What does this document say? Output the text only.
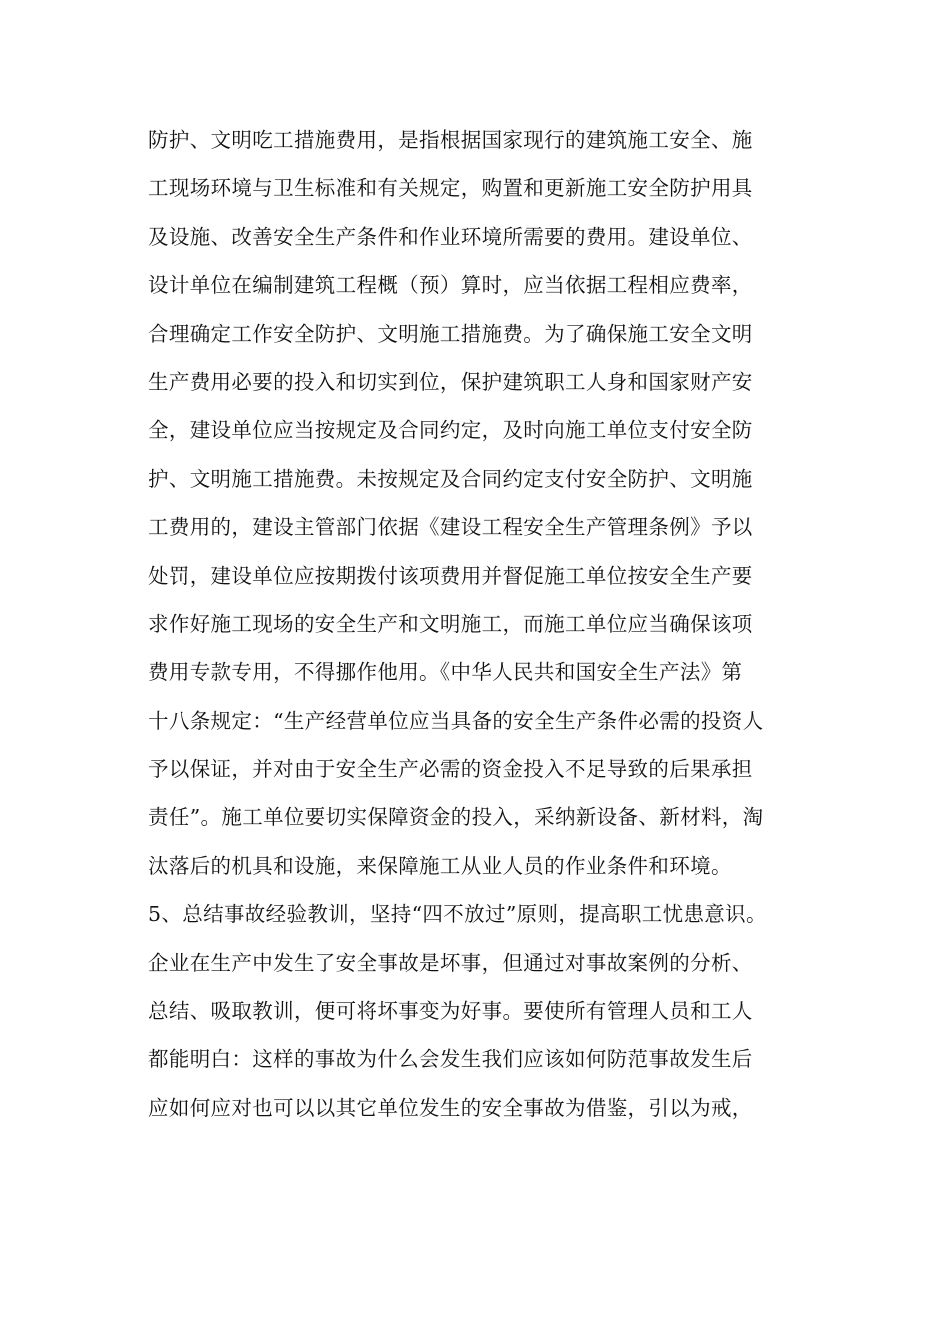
防护、文明吃工措施费用，是指根据国家现行的建筑施工安全、施
工现场环境与卫生标准和有关规定，购置和更新施工安全防护用具
及设施、改善安全生产条件和作业环境所需要的费用。建设单位、
设计单位在编制建筑工程概（预）算时，应当依据工程相应费率，
合理确定工作安全防护、文明施工措施费。为了确保施工安全文明
生产费用必要的投入和切实到位，保护建筑职工人身和国家财产安
全，建设单位应当按规定及合同约定，及时向施工单位支付安全防
护、文明施工措施费。未按规定及合同约定支付安全防护、文明施
工费用的，建设主管部门依据《建设工程安全生产管理条例》予以
处罚，建设单位应按期拨付该项费用并督促施工单位按安全生产要
求作好施工现场的安全生产和文明施工，而施工单位应当确保该项
费用专款专用，不得挪作他用。《中华人民共和国安全生产法》第
十八条规定：“生产经营单位应当具备的安全生产条件必需的投资人
予以保证，并对由于安全生产必需的资金投入不足导致的后果承担
责任”。施工单位要切实保障资金的投入，采纳新设备、新材料，淘
汰落后的机具和设施，来保障施工从业人员的作业条件和环境。
5、总结事故经验教训，坚持“四不放过”原则，提高职工忧患意识。
企业在生产中发生了安全事故是坏事，但通过对事故案例的分析、
总结、吸取教训，便可将坏事变为好事。要使所有管理人员和工人
都能明白：这样的事故为什么会发生我们应该如何防范事故发生后
应如何应对也可以以其它单位发生的安全事故为借鉴，引以为戒，
